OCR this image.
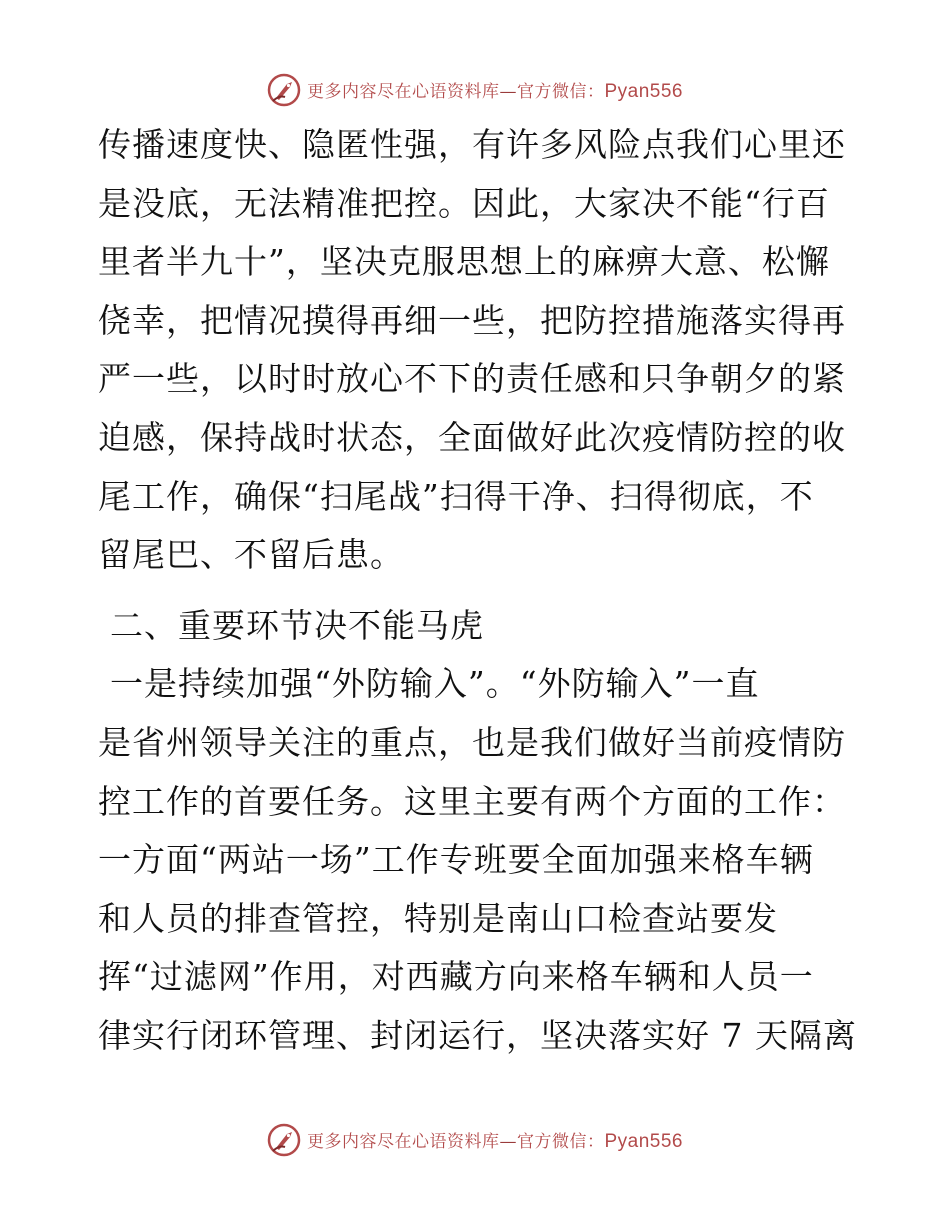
更多内容尽在心语资料库—官方微信：Pyan556
传播速度快、隐匿性强，有许多风险点我们心里还
是没底，无法精准把控。因此，大家决不能“行百
里者半九十”，坚决克服思想上的麻痹大意、松懈
侥幸，把情况摸得再细一些，把防控措施落实得再
严一些，以时时放心不下的责任感和只争朝夕的紧
迫感，保持战时状态，全面做好此次疫情防控的收
尾工作，确保“扫尾战”扫得干净、扫得彻底，不
留尾巴、不留后患。
二、重要环节决不能马虎
一是持续加强“外防输入”。“外防输入”一直
是省州领导关注的重点，也是我们做好当前疫情防
控工作的首要任务。这里主要有两个方面的工作：
一方面“两站一场”工作专班要全面加强来格车辆
和人员的排查管控，特别是南山口检查站要发
挥“过滤网”作用，对西藏方向来格车辆和人员一
律实行闭环管理、封闭运行，坚决落实好 7 天隔离
更多内容尽在心语资料库—官方微信：Pyan556
